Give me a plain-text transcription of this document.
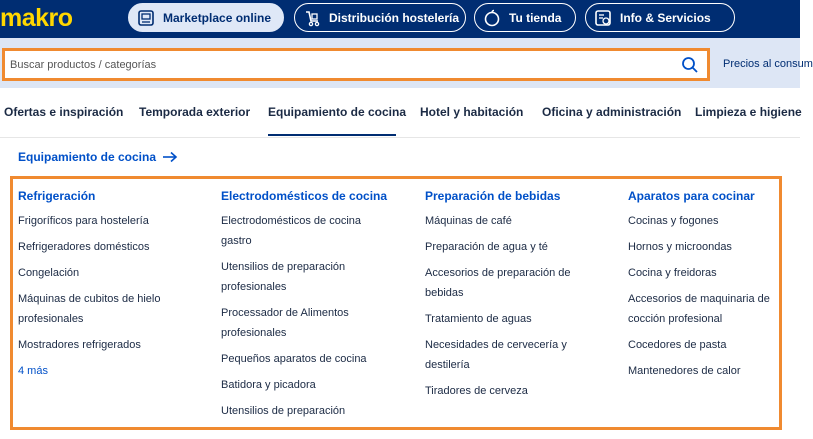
makro	Marketplace online	Distribución hostelería	Tu tienda	Info & Servicios
Buscar productos / categorías
Precios al consum
Ofertas e inspiración Temporada exterior Equipamiento de cocina Hotel y habitación Oficina y administración Limpieza e higiene
Equipamiento de cocina
Refrigeración
Frigoríficos para hostelería
Refrigeradores domésticos
Congelación
Máquinas de cubitos de hielo profesionales
Mostradores refrigerados
4 más
Electrodomésticos de cocina
Electrodomésticos de cocina gastro
Utensilios de preparación profesionales
Processador de Alimentos profesionales
Pequeños aparatos de cocina
Batidora y picadora
Utensilios de preparación
Preparación de bebidas
Máquinas de café
Preparación de agua y té
Accesorios de preparación de bebidas
Tratamiento de aguas
Necesidades de cervecería y destilería
Tiradores de cerveza
Aparatos para cocinar
Cocinas y fogones
Hornos y microondas
Cocina y freidoras
Accesorios de maquinaria de cocción profesional
Cocedores de pasta
Mantenedores de calor
